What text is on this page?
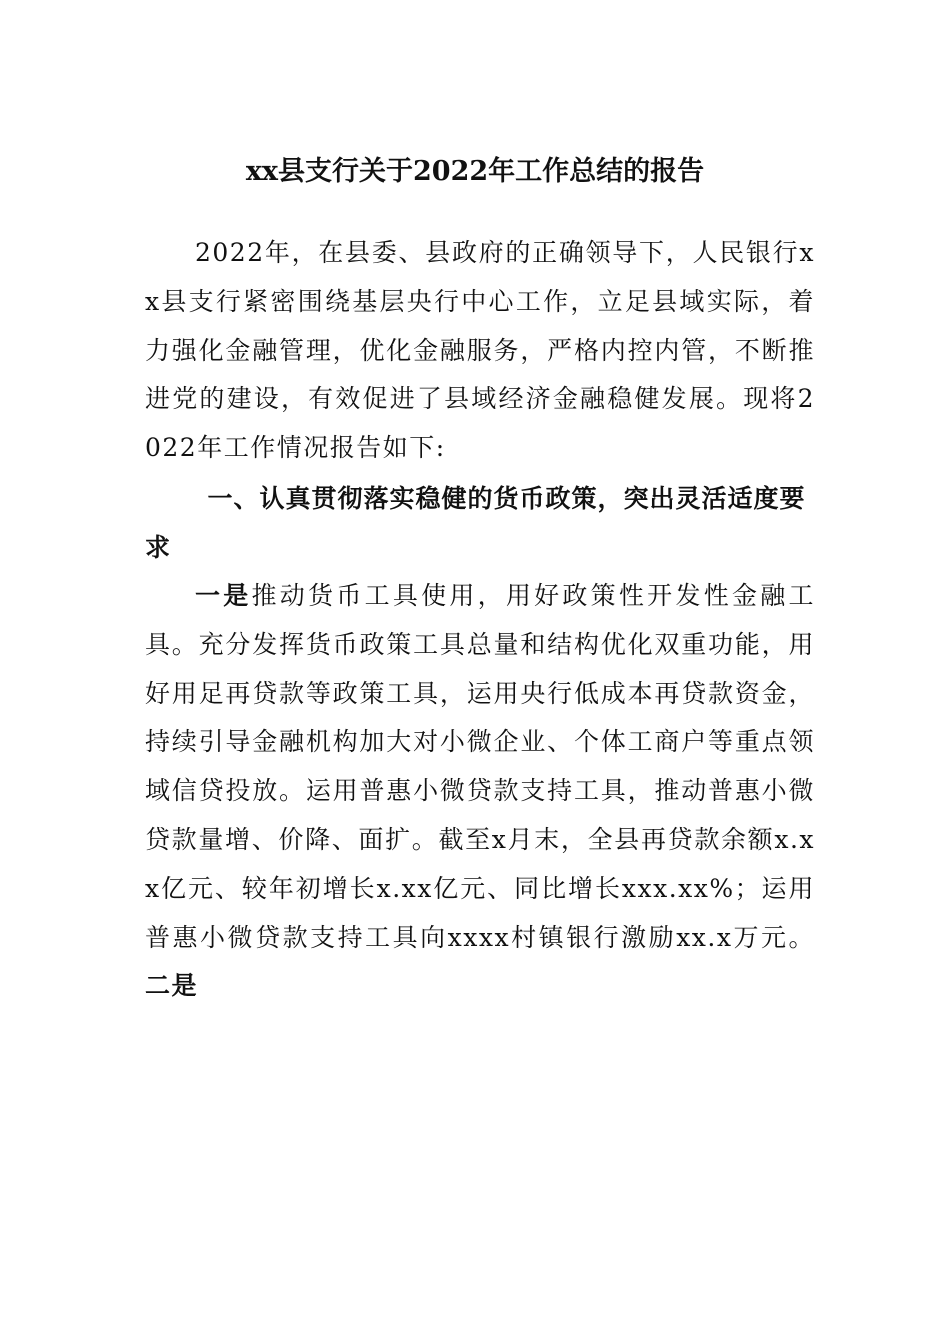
xx县支行关于2022年工作总结的报告

2022年，在县委、县政府的正确领导下，人民银行xx县支行紧密围绕基层央行中心工作，立足县域实际，着力强化金融管理，优化金融服务，严格内控内管，不断推进党的建设，有效促进了县域经济金融稳健发展。现将2022年工作情况报告如下:

一、认真贯彻落实稳健的货币政策，突出灵活适度要求

一是推动货币工具使用，用好政策性开发性金融工具。充分发挥货币政策工具总量和结构优化双重功能，用好用足再贷款等政策工具，运用央行低成本再贷款资金，持续引导金融机构加大对小微企业、个体工商户等重点领域信贷投放。运用普惠小微贷款支持工具，推动普惠小微贷款量增、价降、面扩。截至x月末，全县再贷款余额x.xx亿元、较年初增长x.xx亿元、同比增长xxx.xx%；运用普惠小微贷款支持工具向xxxx村镇银行激励xx.x万元。二是
